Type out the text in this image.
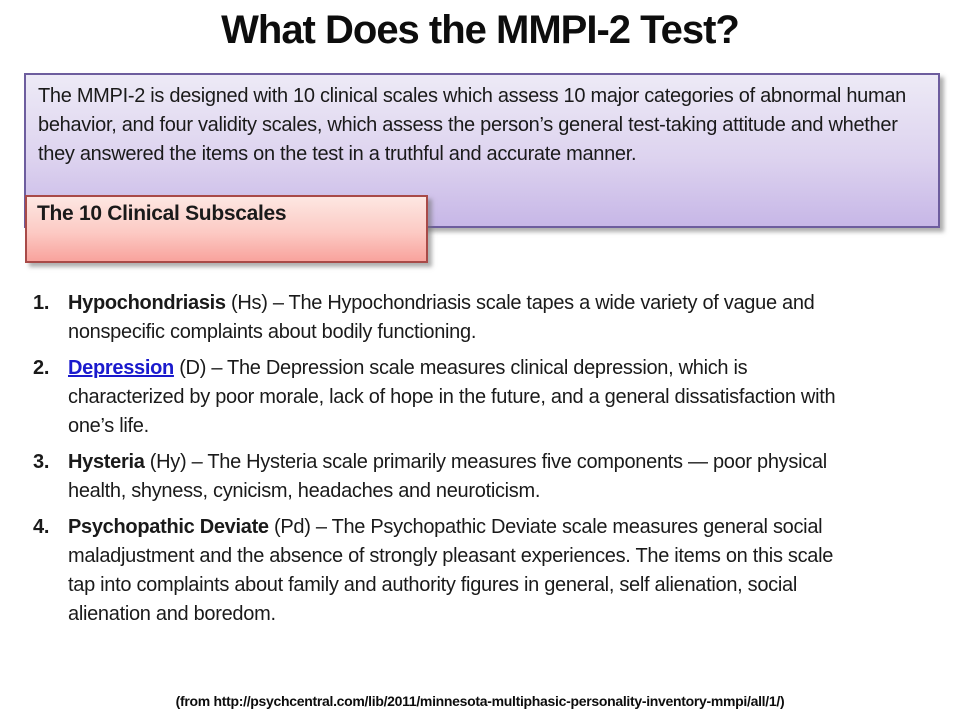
What Does the MMPI-2 Test?

The MMPI-2 is designed with 10 clinical scales which assess 10 major categories of abnormal human behavior, and four validity scales, which assess the person’s general test-taking attitude and whether they answered the items on the test in a truthful and accurate manner.

The 10 Clinical Subscales

1. Hypochondriasis (Hs) – The Hypochondriasis scale tapes a wide variety of vague and nonspecific complaints about bodily functioning.
2. Depression (D) – The Depression scale measures clinical depression, which is characterized by poor morale, lack of hope in the future, and a general dissatisfaction with one’s life.
3. Hysteria (Hy) – The Hysteria scale primarily measures five components — poor physical health, shyness, cynicism, headaches and neuroticism.
4. Psychopathic Deviate (Pd) – The Psychopathic Deviate scale measures general social maladjustment and the absence of strongly pleasant experiences. The items on this scale tap into complaints about family and authority figures in general, self alienation, social alienation and boredom.
(from http://psychcentral.com/lib/2011/minnesota-multiphasic-personality-inventory-mmpi/all/1/)
